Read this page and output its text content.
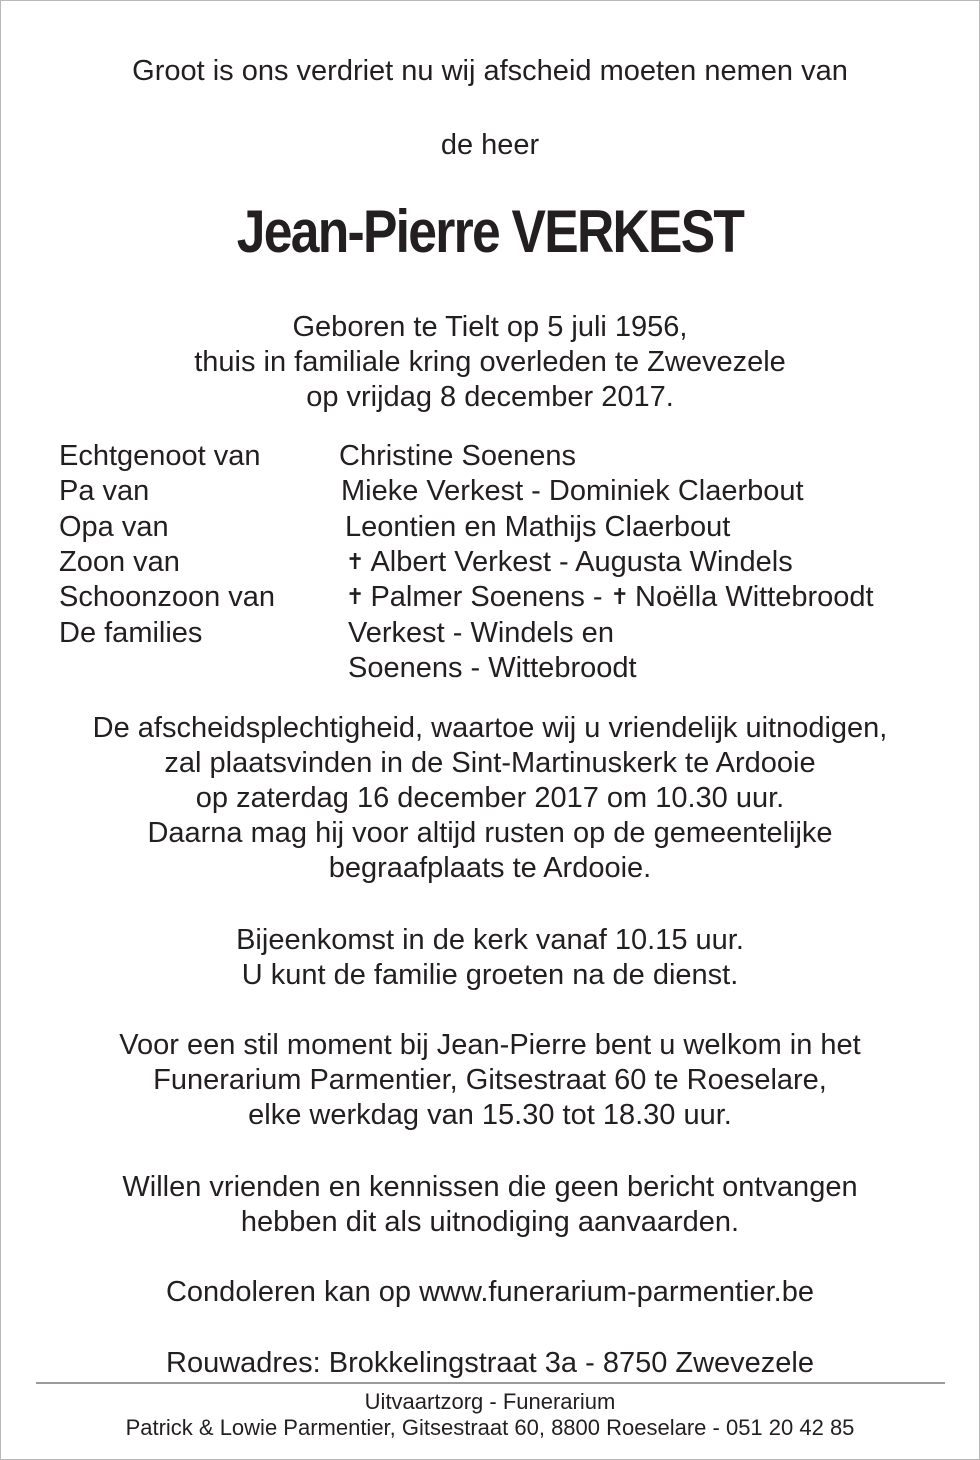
Groot is ons verdriet nu wij afscheid moeten nemen van
de heer
Jean-Pierre VERKEST

Geboren te Tielt op 5 juli 1956,

thuis in familiale kring overleden te Zwevezele

op vrijdag 8 december 2017.

Echtgenoot van	Christine Soenens
Pa van	Mieke Verkest - Dominiek Claerbout
Opa van	Leontien en Mathijs Claerbout
Zoon van	✝ Albert Verkest - Augusta Windels
Schoonzoon van	✝ Palmer Soenens - ✝ Noëlla Wittebroodt
De families	Verkest - Windels en
Soenens - Wittebroodt

De afscheidsplechtigheid, waartoe wij u vriendelijk uitnodigen,

zal plaatsvinden in de Sint-Martinuskerk te Ardooie

op zaterdag 16 december 2017 om 10.30 uur.

Daarna mag hij voor altijd rusten op de gemeentelijke

begraafplaats te Ardooie.

Bijeenkomst in de kerk vanaf 10.15 uur.

U kunt de familie groeten na de dienst.

Voor een stil moment bij Jean-Pierre bent u welkom in het

Funerarium Parmentier, Gitsestraat 60 te Roeselare,

elke werkdag van 15.30 tot 18.30 uur.

Willen vrienden en kennissen die geen bericht ontvangen

hebben dit als uitnodiging aanvaarden.

Condoleren kan op www.funerarium-parmentier.be
Rouwadres: Brokkelingstraat 3a - 8750 Zwevezele
Uitvaartzorg - Funerarium
Patrick & Lowie Parmentier, Gitsestraat 60, 8800 Roeselare - 051 20 42 85
